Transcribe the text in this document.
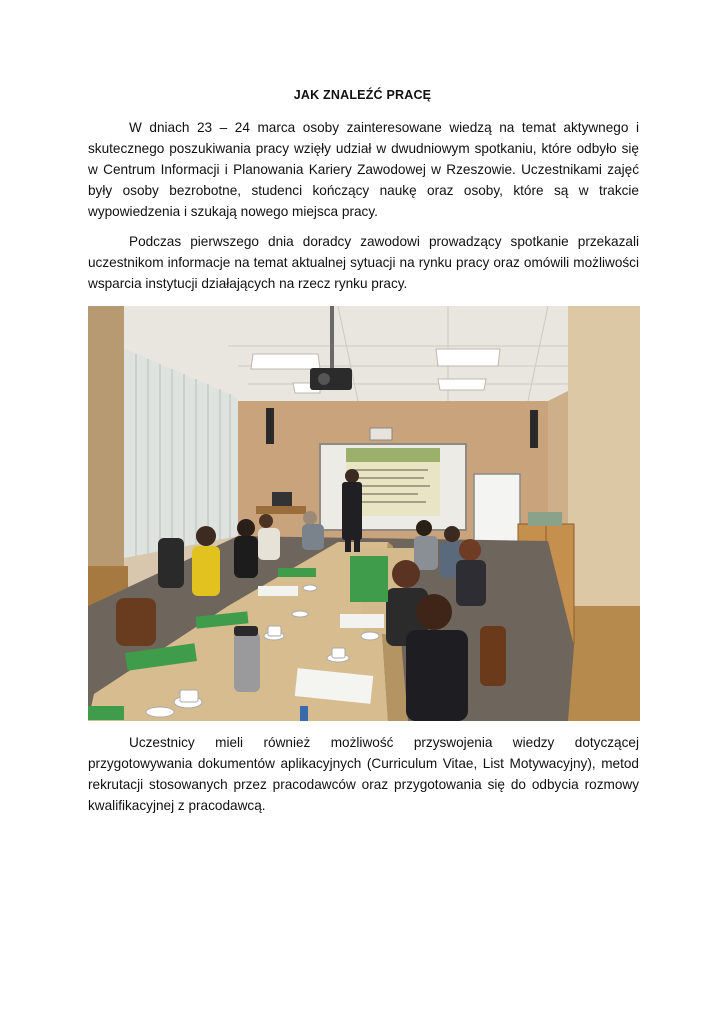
JAK ZNALEŹĆ PRACĘ

W dniach 23 – 24 marca osoby zainteresowane wiedzą na temat aktywnego i skutecznego poszukiwania pracy wzięły udział w dwudniowym spotkaniu, które odbyło się w Centrum Informacji i Planowania Kariery Zawodowej w Rzeszowie. Uczestnikami zajęć były osoby bezrobotne, studenci kończący naukę oraz osoby, które są w trakcie wypowiedzenia i szukają nowego miejsca pracy.

Podczas pierwszego dnia doradcy zawodowi prowadzący spotkanie przekazali uczestnikom informacje na temat aktualnej sytuacji na rynku pracy oraz omówili możliwości wsparcia instytucji działających na rzecz rynku pracy.

Uczestnicy mieli również możliwość przyswojenia wiedzy dotyczącej przygotowywania dokumentów aplikacyjnych (Curriculum Vitae, List Motywacyjny), metod rekrutacji stosowanych przez pracodawców oraz przygotowania się do odbycia rozmowy kwalifikacyjnej z pracodawcą.
